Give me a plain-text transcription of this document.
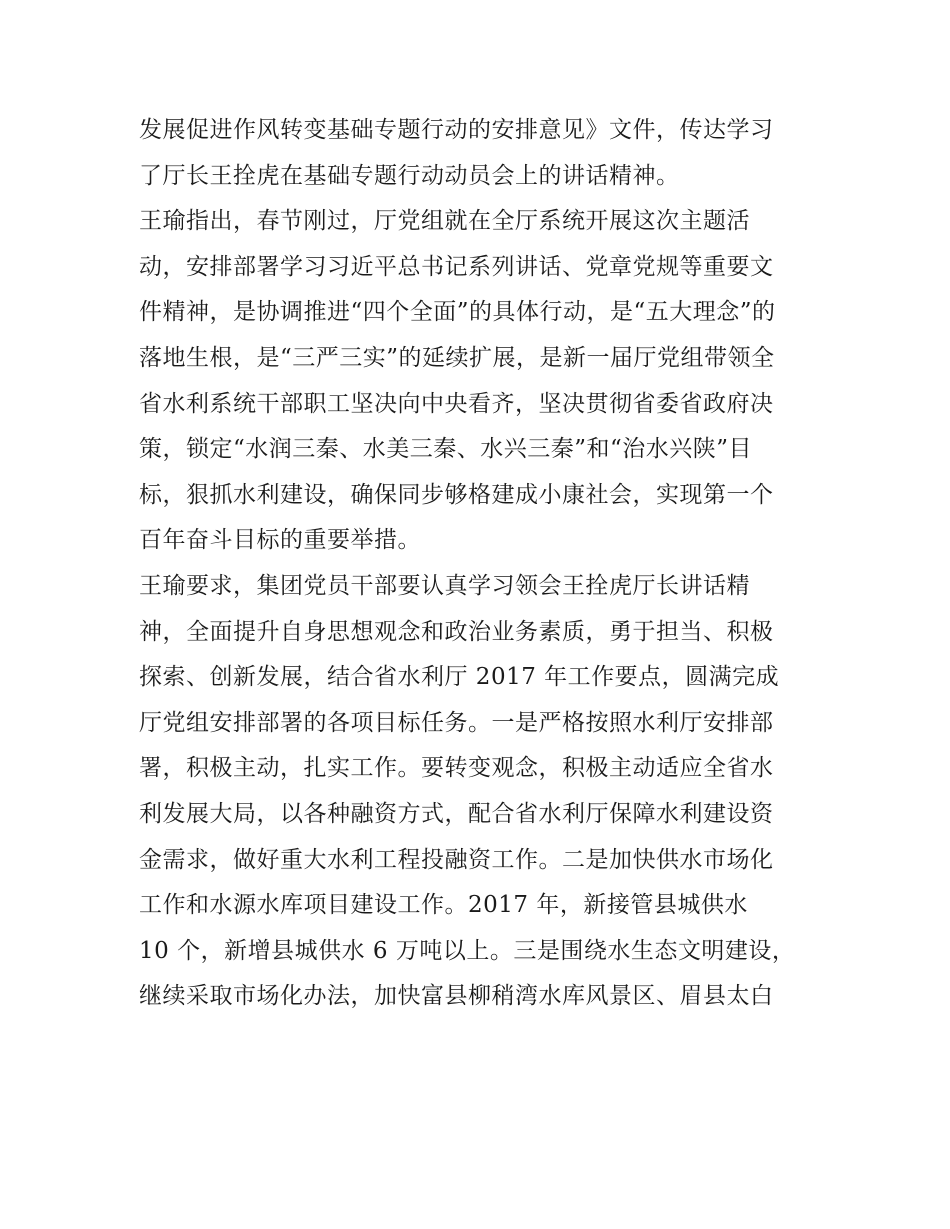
发展促进作风转变基础专题行动的安排意见》文件，传达学习
了厅长王拴虎在基础专题行动动员会上的讲话精神。
王瑜指出，春节刚过，厅党组就在全厅系统开展这次主题活
动，安排部署学习习近平总书记系列讲话、党章党规等重要文
件精神，是协调推进“四个全面”的具体行动，是“五大理念”的
落地生根，是“三严三实”的延续扩展，是新一届厅党组带领全
省水利系统干部职工坚决向中央看齐，坚决贯彻省委省政府决
策，锁定“水润三秦、水美三秦、水兴三秦”和“治水兴陕”目
标，狠抓水利建设，确保同步够格建成小康社会，实现第一个
百年奋斗目标的重要举措。
王瑜要求，集团党员干部要认真学习领会王拴虎厅长讲话精
神，全面提升自身思想观念和政治业务素质，勇于担当、积极
探索、创新发展，结合省水利厅 2017 年工作要点，圆满完成
厅党组安排部署的各项目标任务。一是严格按照水利厅安排部
署，积极主动，扎实工作。要转变观念，积极主动适应全省水
利发展大局，以各种融资方式，配合省水利厅保障水利建设资
金需求，做好重大水利工程投融资工作。二是加快供水市场化
工作和水源水库项目建设工作。2017 年，新接管县城供水
10 个，新增县城供水 6 万吨以上。三是围绕水生态文明建设，
继续采取市场化办法，加快富县柳稍湾水库风景区、眉县太白
